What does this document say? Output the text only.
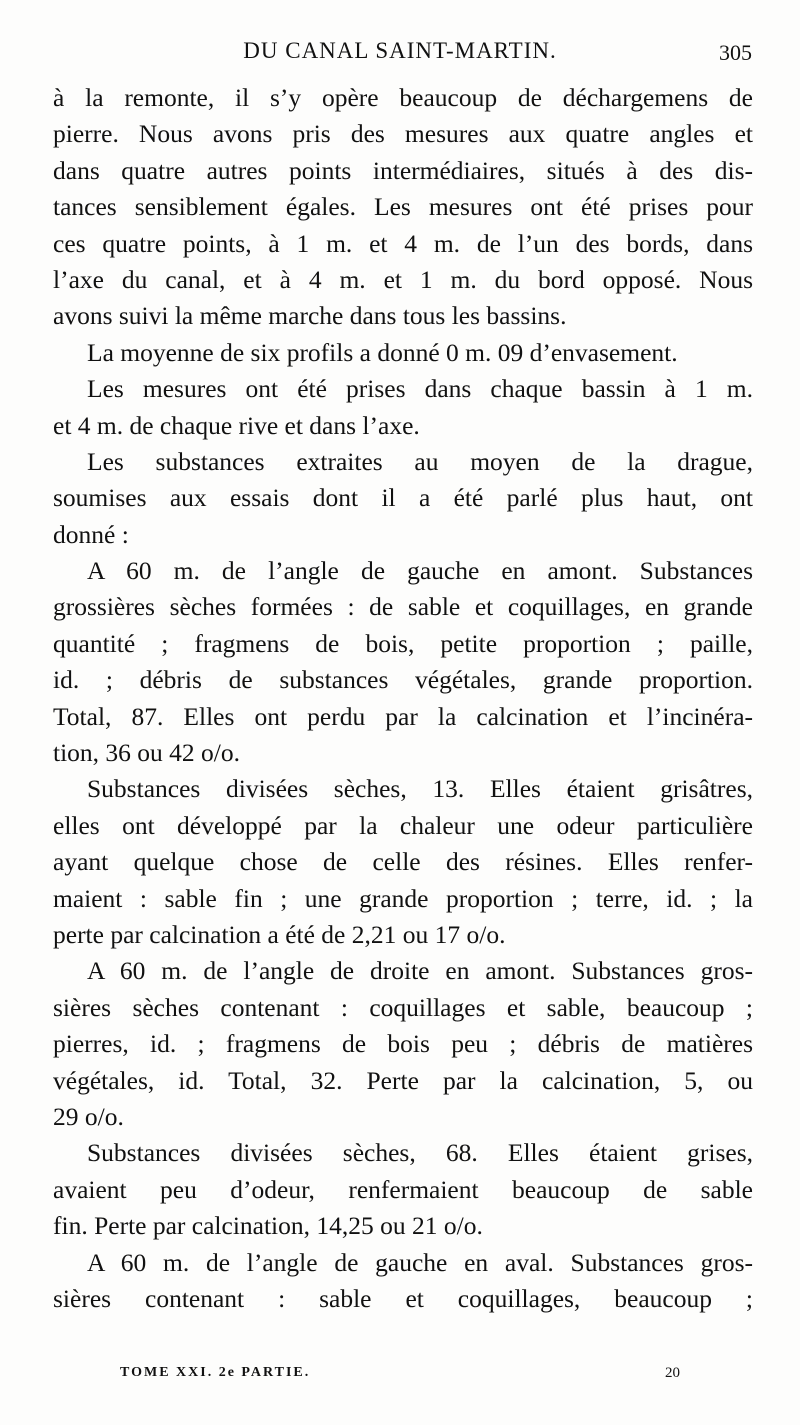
DU CANAL SAINT-MARTIN.	305
à la remonte, il s’y opère beaucoup de déchargemens de
pierre. Nous avons pris des mesures aux quatre angles et
dans quatre autres points intermédiaires, situés à des dis-
tances sensiblement égales. Les mesures ont été prises pour
ces quatre points, à 1 m. et 4 m. de l’un des bords, dans
l’axe du canal, et à 4 m. et 1 m. du bord opposé. Nous
avons suivi la même marche dans tous les bassins.
La moyenne de six profils a donné 0 m. 09 d’envasement.
Les mesures ont été prises dans chaque bassin à 1 m.
et 4 m. de chaque rive et dans l’axe.
Les substances extraites au moyen de la drague,
soumises aux essais dont il a été parlé plus haut, ont
donné :
A 60 m. de l’angle de gauche en amont. Substances
grossières sèches formées : de sable et coquillages, en grande
quantité ; fragmens de bois, petite proportion ; paille,
id. ; débris de substances végétales, grande proportion.
Total, 87. Elles ont perdu par la calcination et l’incinéra-
tion, 36 ou 42 o/o.
Substances divisées sèches, 13. Elles étaient grisâtres,
elles ont développé par la chaleur une odeur particulière
ayant quelque chose de celle des résines. Elles renfer-
maient : sable fin ; une grande proportion ; terre, id. ; la
perte par calcination a été de 2,21 ou 17 o/o.
A 60 m. de l’angle de droite en amont. Substances gros-
sières sèches contenant : coquillages et sable, beaucoup ;
pierres, id. ; fragmens de bois peu ; débris de matières
végétales, id. Total, 32. Perte par la calcination, 5, ou
29 o/o.
Substances divisées sèches, 68. Elles étaient grises,
avaient peu d’odeur, renfermaient beaucoup de sable
fin. Perte par calcination, 14,25 ou 21 o/o.
A 60 m. de l’angle de gauche en aval. Substances gros-
sières contenant : sable et coquillages, beaucoup ;
TOME XXI. 2e PARTIE.	20
